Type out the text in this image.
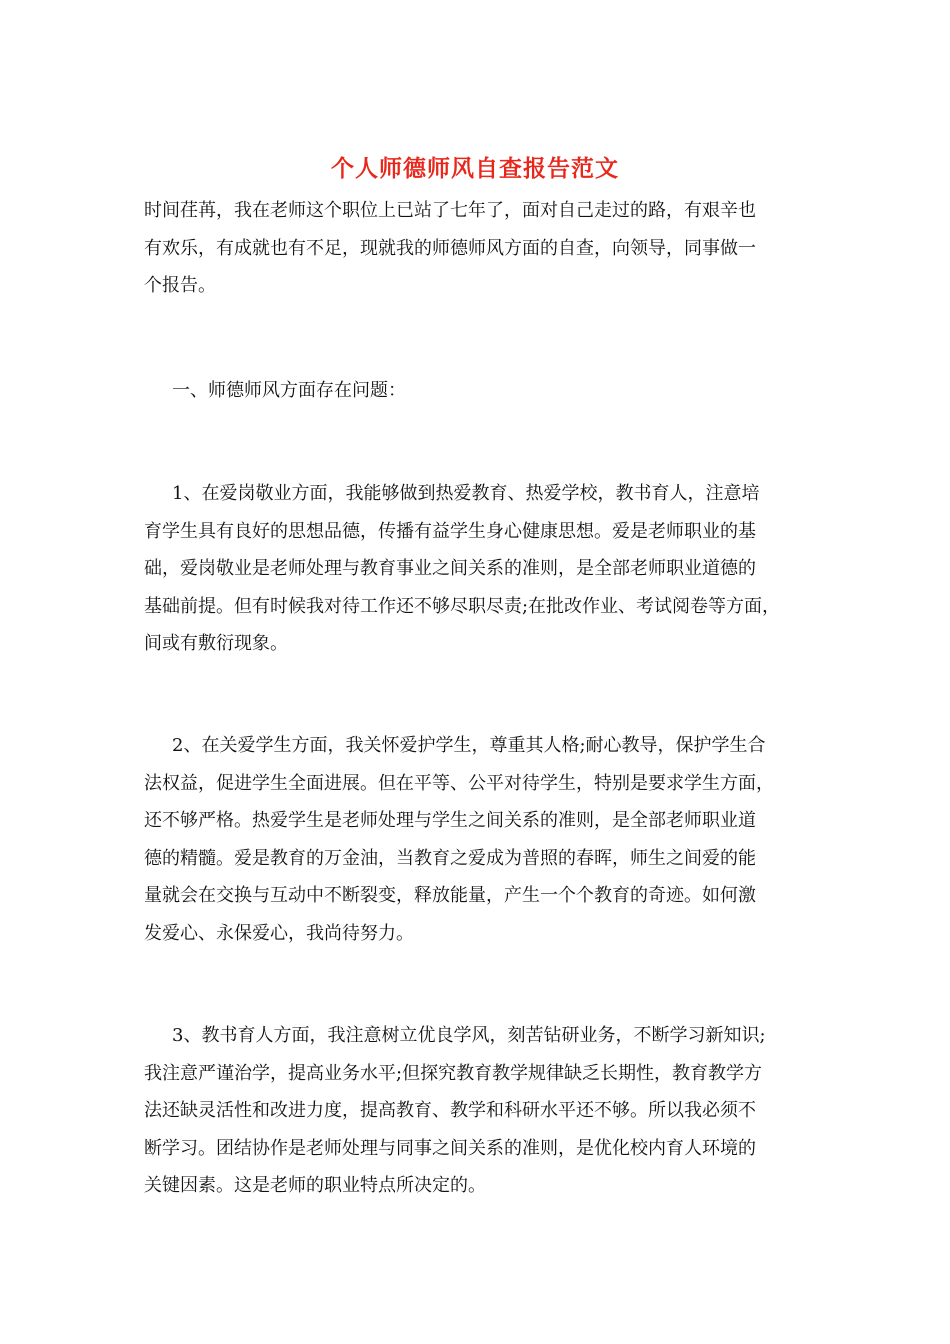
个人师德师风自查报告范文

时间荏苒，我在老师这个职位上已站了七年了，面对自己走过的路，有艰辛也
有欢乐，有成就也有不足，现就我的师德师风方面的自查，向领导，同事做一
个报告。

一、师德师风方面存在问题：

1、在爱岗敬业方面，我能够做到热爱教育、热爱学校，教书育人，注意培
育学生具有良好的思想品德，传播有益学生身心健康思想。爱是老师职业的基
础，爱岗敬业是老师处理与教育事业之间关系的准则，是全部老师职业道德的
基础前提。但有时候我对待工作还不够尽职尽责;在批改作业、考试阅卷等方面，
间或有敷衍现象。

2、在关爱学生方面，我关怀爱护学生，尊重其人格;耐心教导，保护学生合
法权益，促进学生全面进展。但在平等、公平对待学生，特别是要求学生方面，
还不够严格。热爱学生是老师处理与学生之间关系的准则，是全部老师职业道
德的精髓。爱是教育的万金油，当教育之爱成为普照的春晖，师生之间爱的能
量就会在交换与互动中不断裂变，释放能量，产生一个个教育的奇迹。如何激
发爱心、永保爱心，我尚待努力。

3、教书育人方面，我注意树立优良学风，刻苦钻研业务，不断学习新知识;
我注意严谨治学，提高业务水平;但探究教育教学规律缺乏长期性，教育教学方
法还缺灵活性和改进力度，提高教育、教学和科研水平还不够。所以我必须不
断学习。团结协作是老师处理与同事之间关系的准则，是优化校内育人环境的
关键因素。这是老师的职业特点所决定的。
